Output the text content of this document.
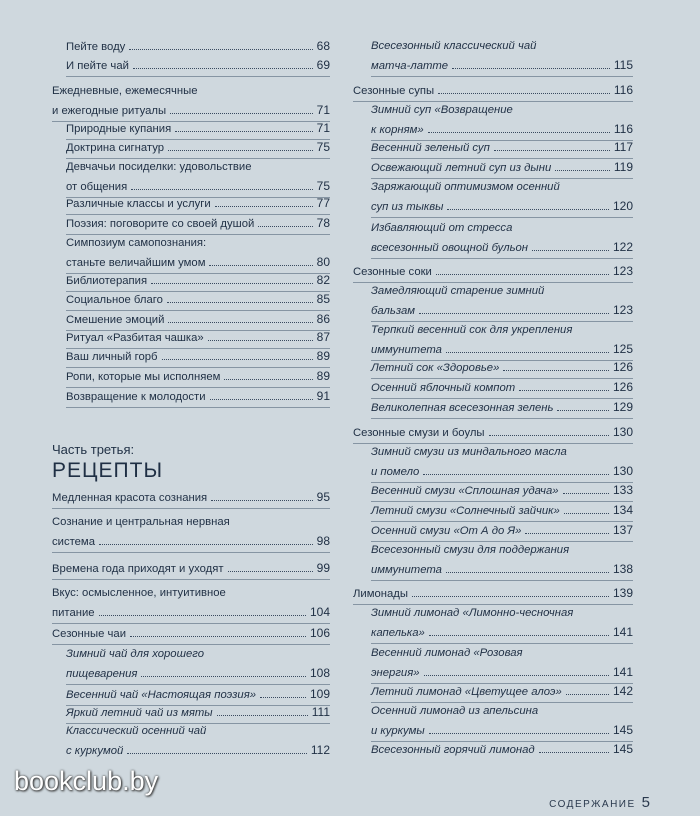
Пейте воду	68
И пейте чай	69
Ежедневные, ежемесячные
и ежегодные ритуалы	71
Природные купания	71
Доктрина сигнатур	75
Девчачьи посиделки: удовольствие
от общения	75
Различные классы и услуги	77
Поэзия: поговорите со своей душой	78
Симпозиум самопознания:
станьте величайшим умом	80
Библиотерапия	82
Социальное благо	85
Смешение эмоций	86
Ритуал «Разбитая чашка»	87
Ваш личный горб	89
Ропи, которые мы исполняем	89
Возвращение к молодости	91
Медленная красота сознания	95
Сознание и центральная нервная
система	98
Времена года приходят и уходят	99
Вкус: осмысленное, интуитивное
питание	104
Сезонные чаи	106
Зимний чай для хорошего
пищеварения	108
Весенний чай «Настоящая поэзия»	109
Яркий летний чай из мяты	111
Классический осенний чай
с куркумой	112
Всесезонный классический чай
матча-латте	115
Сезонные супы	116
Зимний суп «Возвращение
к корням»	116
Весенний зеленый суп	117
Освежающий летний суп из дыни	119
Заряжающий оптимизмом осенний
суп из тыквы	120
Избавляющий от стресса
всесезонный овощной бульон	122
Сезонные соки	123
Замедляющий старение зимний
бальзам	123
Терпкий весенний сок для укрепления
иммунитета	125
Летний сок «Здоровье»	126
Осенний яблочный компот	126
Великолепная всесезонная зелень	129
Сезонные смузи и боулы	130
Зимний смузи из миндального масла
и помело	130
Весенний смузи «Сплошная удача»	133
Летний смузи «Солнечный зайчик»	134
Осенний смузи «От А до Я»	137
Всесезонный смузи для поддержания
иммунитета	138
Лимонады	139
Зимний лимонад «Лимонно-чесночная
капелька»	141
Весенний лимонад «Розовая
энергия»	141
Летний лимонад «Цветущее алоэ»	142
Осенний лимонад из апельсина
и куркумы	145
Всесезонный горячий лимонад	145
Часть третья:
РЕЦЕПТЫ
bookclub.by
СОДЕРЖАНИЕ 5
